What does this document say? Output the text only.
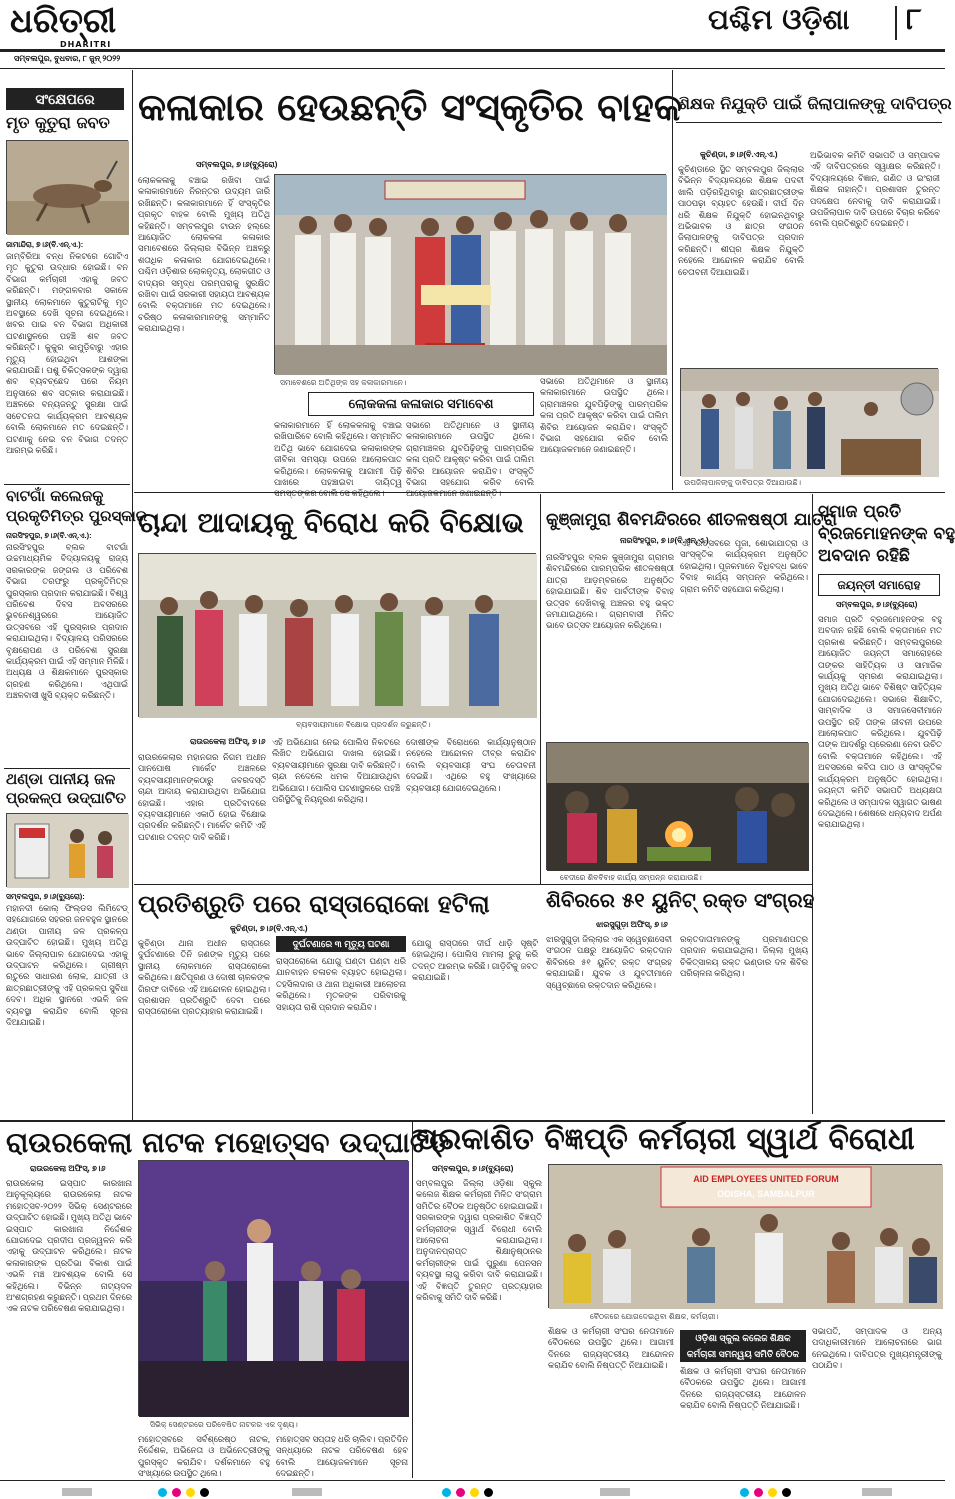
ଧରିତ୍ରୀ
DHARITRI
ପଶ୍ଚିମ ଓଡ଼ିଶା ୮
ସମ୍ବଲପୁର, ବୁଧବାର, ୮ ଜୁନ୍ ୨୦୨୨
ସଂକ୍ଷେପରେ
ମୃତ କୁତୁରା ଜବତ
ଜାମାନ୍ଦିରା, ୭।୬(ବି.ଏନ୍.ଏ.):
ଜାମ୍ବିରିଆ ବନ୍ଧ ନିକଟରେ ଗୋଟିଏ ମୃତ କୁତୁରା ଉଦ୍ଧାର ହୋଇଛି। ବନ ବିଭାଗ କର୍ମଚାରୀ ଏହାକୁ ଜବତ କରିଛନ୍ତି। ମଙ୍ଗଳବାର ସକାଳେ ସ୍ଥାନୀୟ ଲୋକମାନେ କୁତୁରାଟିକୁ ମୃତ ଅବସ୍ଥାରେ ଦେଖି ସୂଚନା ଦେଇଥିଲେ। ଖବର ପାଇ ବନ ବିଭାଗ ଅଧିକାରୀ ଘଟଣାସ୍ଥଳରେ ପହଞ୍ଚି ଶବ ଜବତ କରିଛନ୍ତି। କୁକୁର କାମୁଡ଼ିବାରୁ ଏହାର ମୃତ୍ୟୁ ହୋଇଥିବା ଆଶଙ୍କା କରାଯାଉଛି। ପଶୁ ଚିକିତ୍ସକଙ୍କ ଦ୍ୱାରା ଶବ ବ୍ୟବଚ୍ଛେଦ ପରେ ନିୟମ ଅନୁସାରେ ଶବ ସତ୍କାର କରାଯାଇଛି। ଅଞ୍ଚଳରେ ବନ୍ୟଜନ୍ତୁ ସୁରକ୍ଷା ପାଇଁ ସଚେତନତା କାର୍ଯ୍ୟକ୍ରମ ଆବଶ୍ୟକ ବୋଲି ଲୋକମାନେ ମତ ଦେଇଛନ୍ତି। ଘଟଣାକୁ ନେଇ ବନ ବିଭାଗ ତଦନ୍ତ ଆରମ୍ଭ କରିଛି।
ବାଟଗାଁ କଲେଜକୁ
ପ୍ରକୃତିମିତ୍ର ପୁରସ୍କାର
ନାରସିଂହପୁର, ୭।୬(ବି.ଏନ୍.ଏ.):
ନାରସିଂହପୁର ବ୍ଲକ ବାଟଗାଁ ଉଚ୍ଚମାଧ୍ୟମିକ ବିଦ୍ୟାଳୟକୁ ରାଜ୍ୟ ସରକାରଙ୍କ ଜଙ୍ଗଲ ଓ ପରିବେଶ ବିଭାଗ ତରଫରୁ ପ୍ରକୃତିମିତ୍ର ପୁରସ୍କାର ପ୍ରଦାନ କରାଯାଇଛି। ବିଶ୍ୱ ପରିବେଶ ଦିବସ ଅବସରରେ ଭୁବନେଶ୍ୱରରେ ଆୟୋଜିତ ଉତ୍ସବରେ ଏହି ପୁରସ୍କାର ପ୍ରଦାନ କରାଯାଇଥିଲା। ବିଦ୍ୟାଳୟ ପରିସରରେ ବୃକ୍ଷରୋପଣ ଓ ପରିବେଶ ସୁରକ୍ଷା କାର୍ଯ୍ୟକ୍ରମ ପାଇଁ ଏହି ସମ୍ମାନ ମିଳିଛି। ଅଧ୍ୟକ୍ଷ ଓ ଶିକ୍ଷକମାନେ ପୁରସ୍କାର ଗ୍ରହଣ କରିଥିଲେ। ଏଥିପାଇଁ ଅଞ୍ଚଳବାସୀ ଖୁସି ବ୍ୟକ୍ତ କରିଛନ୍ତି।
ଥଣ୍ଡା ପାନୀୟ ଜଳ
ପ୍ରକଳ୍ପ ଉଦ୍‌ଘାଟିତ
ସମ୍ବଲପୁର, ୭।୬(ବ୍ୟୁରୋ):
ମହାନଦୀ କୋଲ୍ ଫିଲ୍ଡସ ଲିମିଟେଡ୍ ସହଯୋଗରେ ସହରର ଜନବହୁଳ ସ୍ଥାନରେ ଥଣ୍ଡା ପାନୀୟ ଜଳ ପ୍ରକଳ୍ପ ଉଦ୍‌ଘାଟିତ ହୋଇଛି। ମୁଖ୍ୟ ଅତିଥି ଭାବେ ଜିଲ୍ଲାପାଳ ଯୋଗଦେଇ ଏହାକୁ ଉଦ୍‌ଘାଟନ କରିଥିଲେ। ଗ୍ରୀଷ୍ମ ଋତୁରେ ସାଧାରଣ ଲୋକ, ଯାତ୍ରୀ ଓ ଛାତ୍ରଛାତ୍ରୀଙ୍କୁ ଏହି ପ୍ରକଳ୍ପ ସୁବିଧା ଦେବ। ଅଧିକ ସ୍ଥାନରେ ଏଭଳି ଜଳ ବ୍ୟବସ୍ଥା କରାଯିବ ବୋଲି ସୂଚନା ଦିଆଯାଇଛି।
କଳାକାର ହେଉଛନ୍ତି ସଂସ୍କୃତିର ବାହକ
ସମ୍ବଲପୁର, ୭।୬(ବ୍ୟୁରୋ)
ଲୋକକଳାକୁ ବଞ୍ଚାଇ ରଖିବା ପାଇଁ କଳାକାରମାନେ ନିରନ୍ତର ଉଦ୍ୟମ ଜାରି ରଖିଛନ୍ତି। କଳାକାରମାନେ ହିଁ ସଂସ୍କୃତିର ପ୍ରକୃତ ବାହକ ବୋଲି ମୁଖ୍ୟ ଅତିଥି କହିଛନ୍ତି। ସମ୍ବଲପୁର ଟାଉନ ହଲ୍‌ରେ ଆୟୋଜିତ ଲୋକକଳା କଳାକାର ସମାବେଶରେ ଜିଲ୍ଲାର ବିଭିନ୍ନ ଅଞ୍ଚଳରୁ ଶତାଧିକ କଳାକାର ଯୋଗଦେଇଥିଲେ। ପଶ୍ଚିମ ଓଡ଼ିଶାର ଲୋକନୃତ୍ୟ, ଲୋକଗୀତ ଓ ବାଦ୍ୟର ସମୃଦ୍ଧ ପରମ୍ପରାକୁ ସୁରକ୍ଷିତ ରଖିବା ପାଇଁ ସରକାରୀ ସହାୟତା ଆବଶ୍ୟକ ବୋଲି ବକ୍ତାମାନେ ମତ ଦେଇଥିଲେ। ବରିଷ୍ଠ କଳାକାରମାନଙ୍କୁ ସମ୍ମାନିତ କରାଯାଇଥିଲା।
ସମାବେଶରେ ଅତିଥିଙ୍କ ସହ କଳାକାରମାନେ।
ଲୋକକଳା କଳାକାର ସମାବେଶ
କଳାକାରମାନେ ହିଁ ଲୋକକଳାକୁ ବଞ୍ଚାଇ ରଖିପାରିବେ ବୋଲି କହିଥିଲେ। ସମ୍ମାନିତ ଅତିଥି ଭାବେ ଯୋଗଦେଇ କଳାକାରଙ୍କ ଜୀବିକା ସମସ୍ୟା ଉପରେ ଆଲୋକପାତ କରିଥିଲେ। ଲୋକକଳାକୁ ଆଗାମୀ ପିଢ଼ି ପାଖରେ ପହଞ୍ଚାଇବା ଦାୟିତ୍ୱ ସମସ୍ତଙ୍କର ବୋଲି ସେ କହିଥିଲେ।
ସଭାରେ ଅତିଥିମାନେ ଓ ସ୍ଥାନୀୟ କଳାକାରମାନେ ଉପସ୍ଥିତ ଥିଲେ। ଗ୍ରାମାଞ୍ଚଳର ଯୁବପିଢ଼ିଙ୍କୁ ପାରମ୍ପରିକ କଳା ପ୍ରତି ଆକୃଷ୍ଟ କରିବା ପାଇଁ ତାଲିମ ଶିବିର ଆୟୋଜନ କରାଯିବ। ସଂସ୍କୃତି ବିଭାଗ ସହଯୋଗ କରିବ ବୋଲି ଆୟୋଜକମାନେ ଜଣାଇଛନ୍ତି।
ସଭାରେ ଅତିଥିମାନେ ଓ ସ୍ଥାନୀୟ କଳାକାରମାନେ ଉପସ୍ଥିତ ଥିଲେ। ଗ୍ରାମାଞ୍ଚଳର ଯୁବପିଢ଼ିଙ୍କୁ ପାରମ୍ପରିକ କଳା ପ୍ରତି ଆକୃଷ୍ଟ କରିବା ପାଇଁ ତାଲିମ ଶିବିର ଆୟୋଜନ କରାଯିବ। ସଂସ୍କୃତି ବିଭାଗ ସହଯୋଗ କରିବ ବୋଲି ଆୟୋଜକମାନେ ଜଣାଇଛନ୍ତି।
ଶିକ୍ଷକ ନିଯୁକ୍ତି ପାଇଁ ଜିଲାପାଳଙ୍କୁ ଦାବିପତ୍ର
କୁଚିଣ୍ଡା, ୭।୬(ବି.ଏନ୍.ଏ.)
କୁଚିଣ୍ଡାରେ ସ୍ଥିତ ସମ୍ବଲପୁର ଜିଲ୍ଲାର ବିଭିନ୍ନ ବିଦ୍ୟାଳୟରେ ଶିକ୍ଷକ ପଦବୀ ଖାଲି ପଡ଼ିରହିଥିବାରୁ ଛାତ୍ରଛାତ୍ରୀଙ୍କ ପାଠପଢ଼ା ବ୍ୟାହତ ହେଉଛି। ଦୀର୍ଘ ଦିନ ଧରି ଶିକ୍ଷକ ନିଯୁକ୍ତି ହୋଇନଥିବାରୁ ଅଭିଭାବକ ଓ ଛାତ୍ର ସଂଗଠନ ଜିଲାପାଳଙ୍କୁ ଦାବିପତ୍ର ପ୍ରଦାନ କରିଛନ୍ତି। ଶୀଘ୍ର ଶିକ୍ଷକ ନିଯୁକ୍ତି ନହେଲେ ଆନ୍ଦୋଳନ କରାଯିବ ବୋଲି ଚେତାବନୀ ଦିଆଯାଇଛି।
ଅଭିଭାବକ କମିଟି ସଭାପତି ଓ ସମ୍ପାଦକ ଏହି ଦାବିପତ୍ରରେ ସ୍ୱାକ୍ଷର କରିଛନ୍ତି। ବିଦ୍ୟାଳୟରେ ବିଜ୍ଞାନ, ଗଣିତ ଓ ଇଂରାଜୀ ଶିକ୍ଷକ ନାହାନ୍ତି। ପ୍ରଶାସନ ତୁରନ୍ତ ପଦକ୍ଷେପ ନେବାକୁ ଦାବି କରାଯାଇଛି। ଉପଜିଲାପାଳ ଦାବି ଉପରେ ବିଚାର କରିବେ ବୋଲି ପ୍ରତିଶ୍ରୁତି ଦେଇଛନ୍ତି।
ଉପଜିଲାପାଳଙ୍କୁ ଦାବିପତ୍ର ଦିଆଯାଉଛି।
ଚାନ୍ଦା ଆଦାୟକୁ ବିରୋଧ କରି ବିକ୍ଷୋଭ
ବ୍ୟବସାୟୀମାନେ ବିକ୍ଷୋଭ ପ୍ରଦର୍ଶନ କରୁଛନ୍ତି।
ରାଉରକେଲା ଅଫିସ୍, ୭।୬
ରାଉରକେଲାର ମହାନଗର ନିଗମ ଅଧୀନ ପାନପୋଷ ମାର୍କେଟ ଅଞ୍ଚଳରେ ବ୍ୟବସାୟୀମାନଙ୍କଠାରୁ ଜବରଦସ୍ତି ଚାନ୍ଦା ଆଦାୟ କରାଯାଉଥିବା ଅଭିଯୋଗ ହୋଇଛି। ଏହାର ପ୍ରତିବାଦରେ ବ୍ୟବସାୟୀମାନେ ଏକାଠି ହୋଇ ବିକ୍ଷୋଭ ପ୍ରଦର୍ଶନ କରିଛନ୍ତି। ମାର୍କେଟ କମିଟି ଏହି ଘଟଣାର ତଦନ୍ତ ଦାବି କରିଛି।
ଏହି ଅଭିଯୋଗ ନେଇ ପୋଲିସ ନିକଟରେ ଲିଖିତ ଅଭିଯୋଗ ଦାଖଲ ହୋଇଛି। ବ୍ୟବସାୟୀମାନେ ସୁରକ୍ଷା ଦାବି କରିଛନ୍ତି। ଚାନ୍ଦା ନଦେଲେ ଧମକ ଦିଆଯାଉଥିବା ଅଭିଯୋଗ। ପୋଲିସ ଘଟଣାସ୍ଥଳରେ ପହଞ୍ଚି ପରିସ୍ଥିତିକୁ ନିୟନ୍ତ୍ରଣ କରିଥିଲା।
ଦୋଷୀଙ୍କ ବିରୋଧରେ କାର୍ଯ୍ୟାନୁଷ୍ଠାନ ନହେଲେ ଆନ୍ଦୋଳନ ତୀବ୍ର କରାଯିବ ବୋଲି ବ୍ୟବସାୟୀ ସଂଘ ଚେତାବନୀ ଦେଇଛି। ଏଥିରେ ବହୁ ସଂଖ୍ୟାରେ ବ୍ୟବସାୟୀ ଯୋଗଦେଇଥିଲେ।
କୁଞ୍ଜାମୁରା ଶିବମନ୍ଦିରରେ ଶୀତଳଷଷ୍ଠୀ ଯାତ୍ରା
ନାରସିଂହପୁର, ୭।୬(ବି.ଏନ୍.ଏ.)
ନାରସିଂହପୁର ବ୍ଲକ କୁଞ୍ଜାମୁରା ଗ୍ରାମର ଶିବମନ୍ଦିରରେ ପାରମ୍ପରିକ ଶୀତଳଷଷ୍ଠୀ ଯାତ୍ରା ଆଡ଼ମ୍ବରରେ ଅନୁଷ୍ଠିତ ହୋଇଯାଇଛି। ଶିବ ପାର୍ବତୀଙ୍କ ବିବାହ ଉତ୍ସବ ଦେଖିବାକୁ ଅଞ୍ଚଳର ବହୁ ଭକ୍ତ ଜମାଯାଇଥିଲେ। ଗ୍ରାମବାସୀ ମିଳିତ ଭାବେ ଉତ୍ସବ ଆୟୋଜନ କରିଥିଲେ।
ଏହି ଉତ୍ସବରେ ପୂଜା, ଶୋଭାଯାତ୍ରା ଓ ସାଂସ୍କୃତିକ କାର୍ଯ୍ୟକ୍ରମ ଅନୁଷ୍ଠିତ ହୋଇଥିଲା। ପୂଜକମାନେ ବିଧିବଦ୍ଧ ଭାବେ ବିବାହ କାର୍ଯ୍ୟ ସମ୍ପନ୍ନ କରିଥିଲେ। ଗ୍ରାମ କମିଟି ସହଯୋଗ କରିଥିଲା।
ବେଦୀରେ ଶିବବିବାହ କାର୍ଯ୍ୟ ସମ୍ପନ୍ନ କରାଯାଉଛି।
ସମାଜ ପ୍ରତି
ବ୍ରଜମୋହନଙ୍କ ବହୁ
ଅବଦାନ ରହିଛି
ଜୟନ୍ତୀ ସମାରୋହ
ସମ୍ବଲପୁର, ୭।୬(ବ୍ୟୁରୋ)
ସମାଜ ପ୍ରତି ବ୍ରଜମୋହନଙ୍କ ବହୁ ଅବଦାନ ରହିଛି ବୋଲି ବକ୍ତାମାନେ ମତ ପ୍ରକାଶ କରିଛନ୍ତି। ସମ୍ବଲପୁରରେ ଆୟୋଜିତ ଜୟନ୍ତୀ ସମାରୋହରେ ତାଙ୍କର ସାହିତ୍ୟିକ ଓ ସାମାଜିକ କାର୍ଯ୍ୟକୁ ସ୍ମରଣ କରାଯାଇଥିଲା। ମୁଖ୍ୟ ଅତିଥି ଭାବେ ବିଶିଷ୍ଟ ସାହିତ୍ୟିକ ଯୋଗଦେଇଥିଲେ। ସଭାରେ ଶିକ୍ଷାବିତ, ସାମ୍ବାଦିକ ଓ ସମାଜସେବୀମାନେ ଉପସ୍ଥିତ ରହି ତାଙ୍କ ଜୀବନୀ ଉପରେ ଆଲୋକପାତ କରିଥିଲେ। ଯୁବପିଢ଼ି ତାଙ୍କ ଆଦର୍ଶରୁ ପ୍ରେରଣା ନେବା ଉଚିତ ବୋଲି ବକ୍ତାମାନେ କହିଥିଲେ। ଏହି ଅବସରରେ କବିତା ପାଠ ଓ ସାଂସ୍କୃତିକ କାର୍ଯ୍ୟକ୍ରମ ଅନୁଷ୍ଠିତ ହୋଇଥିଲା। ଜୟନ୍ତୀ କମିଟି ସଭାପତି ଅଧ୍ୟକ୍ଷତା କରିଥିଲେ ଓ ସମ୍ପାଦକ ସ୍ୱାଗତ ଭାଷଣ ଦେଇଥିଲେ। ଶେଷରେ ଧନ୍ୟବାଦ ଅର୍ପଣ କରାଯାଇଥିଲା।
ପ୍ରତିଶ୍ରୁତି ପରେ ରାସ୍ତାରୋକୋ ହଟିଲା
କୁଚିଣ୍ଡା, ୭।୬(ବି.ଏନ୍.ଏ.)
ଦୁର୍ଘଟଣାରେ ୩ ମୃତ୍ୟୁ ଘଟଣା
କୁଚିଣ୍ଡା ଥାନା ଅଧୀନ ରାସ୍ତାରେ ଦୁର୍ଘଟଣାରେ ତିନି ଜଣଙ୍କ ମୃତ୍ୟୁ ପରେ ସ୍ଥାନୀୟ ଲୋକମାନେ ରାସ୍ତାରୋକୋ କରିଥିଲେ। କ୍ଷତିପୂରଣ ଓ ଦୋଷୀ ଚାଳକଙ୍କ ଗିରଫ ଦାବିରେ ଏହି ଆନ୍ଦୋଳନ ହୋଇଥିଲା। ପ୍ରଶାସନ ପ୍ରତିଶ୍ରୁତି ଦେବା ପରେ ରାସ୍ତାରୋକୋ ପ୍ରତ୍ୟାହାର କରାଯାଇଛି।
ରାସ୍ତାରୋକୋ ଯୋଗୁ ଘଣ୍ଟା ଘଣ୍ଟା ଧରି ଯାନବାହନ ଚଳାଚଳ ବ୍ୟାହତ ହୋଇଥିଲା। ତହସିଲଦାର ଓ ଥାନା ଅଧିକାରୀ ଆଲୋଚନା କରିଥିଲେ। ମୃତକଙ୍କ ପରିବାରକୁ ସହାୟତା ରାଶି ପ୍ରଦାନ କରାଯିବ।
ଯୋଗୁ ରାସ୍ତାରେ ଦୀର୍ଘ ଧାଡ଼ି ସୃଷ୍ଟି ହୋଇଥିଲା। ପୋଲିସ ମାମଲା ରୁଜୁ କରି ତଦନ୍ତ ଆରମ୍ଭ କରିଛି। ଗାଡ଼ିଟିକୁ ଜବତ କରାଯାଇଛି।
ଶିବିରରେ ୫୧ ୟୁନିଟ୍ ରକ୍ତ ସଂଗ୍ରହ
ଝାରସୁଗୁଡ଼ା ଅଫିସ୍, ୭।୬
ଝାରସୁଗୁଡ଼ା ଜିଲ୍ଲାର ଏକ ସ୍ୱେଚ୍ଛାସେବୀ ସଂଗଠନ ପକ୍ଷରୁ ଆୟୋଜିତ ରକ୍ତଦାନ ଶିବିରରେ ୫୧ ୟୁନିଟ୍ ରକ୍ତ ସଂଗ୍ରହ କରାଯାଇଛି। ଯୁବକ ଓ ଯୁବତୀମାନେ ସ୍ୱେଚ୍ଛାରେ ରକ୍ତଦାନ କରିଥିଲେ।
ରକ୍ତଦାତାମାନଙ୍କୁ ପ୍ରମାଣପତ୍ର ପ୍ରଦାନ କରାଯାଇଥିଲା। ଜିଲ୍ଲା ମୁଖ୍ୟ ଚିକିତ୍ସାଳୟ ରକ୍ତ ଭଣ୍ଡାର ଦଳ ଶିବିର ପରିଚାଳନା କରିଥିଲା।
ରାଉରକେଲା ନାଟକ ମହୋତ୍ସବ ଉଦ୍‌ଘାଟିତ
ରାଉରକେଲା ଅଫିସ୍, ୭।୬
ରାଉରକେଲା ଇସ୍ପାତ କାରଖାନା ଆନୁକୂଲ୍ୟରେ ରାଉରକେଲା ନାଟକ ମହୋତ୍ସବ-୨୦୨୨ ସିଭିକ୍ ସେଣ୍ଟରରେ ଉଦ୍‌ଘାଟିତ ହୋଇଛି। ମୁଖ୍ୟ ଅତିଥି ଭାବେ ଇସ୍ପାତ କାରଖାନା ନିର୍ଦ୍ଦେଶକ ଯୋଗଦେଇ ପ୍ରଦୀପ ପ୍ରଜ୍ୱଳନ କରି ଏହାକୁ ଉଦ୍‌ଘାଟନ କରିଥିଲେ। ନାଟକ କଳାକାରଙ୍କ ପ୍ରତିଭା ବିକାଶ ପାଇଁ ଏଭଳି ମଞ୍ଚ ଆବଶ୍ୟକ ବୋଲି ସେ କହିଥିଲେ। ବିଭିନ୍ନ ନାଟ୍ୟଦଳ ଅଂଶଗ୍ରହଣ କରୁଛନ୍ତି। ପ୍ରଥମ ଦିନରେ ଏକ ନାଟକ ପରିବେଷଣ କରାଯାଇଥିଲା।
ସିଭିକ୍ ସେଣ୍ଟରରେ ପରିବେଷିତ ନାଟକର ଏକ ଦୃଶ୍ୟ।
ମହୋତ୍ସବରେ ସର୍ବଶ୍ରେଷ୍ଠ ନାଟକ, ନିର୍ଦ୍ଦେଶକ, ଅଭିନେତା ଓ ଅଭିନେତ୍ରୀଙ୍କୁ ପୁରସ୍କୃତ କରାଯିବ। ଦର୍ଶକମାନେ ବହୁ ସଂଖ୍ୟାରେ ଉପସ୍ଥିତ ଥିଲେ।
ମହୋତ୍ସବ ସପ୍ତାହ ଧରି ଚାଲିବ। ପ୍ରତିଦିନ ସନ୍ଧ୍ୟାରେ ନାଟକ ପରିବେଷଣ ହେବ ବୋଲି ଆୟୋଜକମାନେ ସୂଚନା ଦେଇଛନ୍ତି।
ପ୍ରକାଶିତ ବିଜ୍ଞପ୍ତି କର୍ମଚାରୀ ସ୍ୱାର୍ଥ ବିରୋଧୀ
ସମ୍ବଲପୁର, ୭।୬(ବ୍ୟୁରୋ)
ସମ୍ବଲପୁର ଜିଲ୍ଲା ଓଡ଼ିଶା ସ୍କୁଲ କଲେଜ ଶିକ୍ଷକ କର୍ମଚାରୀ ମିଳିତ ସଂଗ୍ରାମ ସମିତିର ବୈଠକ ଅନୁଷ୍ଠିତ ହୋଇଯାଇଛି। ସରକାରଙ୍କ ଦ୍ୱାରା ପ୍ରକାଶିତ ବିଜ୍ଞପ୍ତି କର୍ମଚାରୀଙ୍କ ସ୍ୱାର୍ଥ ବିରୋଧୀ ବୋଲି ଆଲୋଚନା କରାଯାଇଥିଲା। ଅନୁଦାନପ୍ରାପ୍ତ ଶିକ୍ଷାନୁଷ୍ଠାନର କର୍ମଚାରୀଙ୍କ ପାଇଁ ପୁରୁଣା ପେନସନ ବ୍ୟବସ୍ଥା ଲାଗୁ କରିବା ଦାବି କରାଯାଇଛି। ଏହି ବିଜ୍ଞପ୍ତି ତୁରନ୍ତ ପ୍ରତ୍ୟାହାର କରିବାକୁ ସମିତି ଦାବି କରିଛି।
AID EMPLOYEES UNITED FORUM
ODISHA, SAMBALPUR
ବୈଠକରେ ଯୋଗଦେଇଥିବା ଶିକ୍ଷକ, କର୍ମଚାରୀ।
ଶିକ୍ଷକ ଓ କର୍ମଚାରୀ ସଂଘର ନେତାମାନେ ବୈଠକରେ ଉପସ୍ଥିତ ଥିଲେ। ଆଗାମୀ ଦିନରେ ରାଜ୍ୟସ୍ତରୀୟ ଆନ୍ଦୋଳନ କରାଯିବ ବୋଲି ନିଷ୍ପତ୍ତି ନିଆଯାଇଛି।
ଓଡ଼ିଶା ସ୍କୁଲ କଲେଜ ଶିକ୍ଷକ
କର୍ମଚାରୀ ସମନ୍ୱୟ ସମିତି ବୈଠକ
ଶିକ୍ଷକ ଓ କର୍ମଚାରୀ ସଂଘର ନେତାମାନେ ବୈଠକରେ ଉପସ୍ଥିତ ଥିଲେ। ଆଗାମୀ ଦିନରେ ରାଜ୍ୟସ୍ତରୀୟ ଆନ୍ଦୋଳନ କରାଯିବ ବୋଲି ନିଷ୍ପତ୍ତି ନିଆଯାଇଛି।
ସଭାପତି, ସମ୍ପାଦକ ଓ ଅନ୍ୟ ପଦାଧିକାରୀମାନେ ଆଲୋଚନାରେ ଭାଗ ନେଇଥିଲେ। ଦାବିପତ୍ର ମୁଖ୍ୟମନ୍ତ୍ରୀଙ୍କୁ ପଠାଯିବ।
